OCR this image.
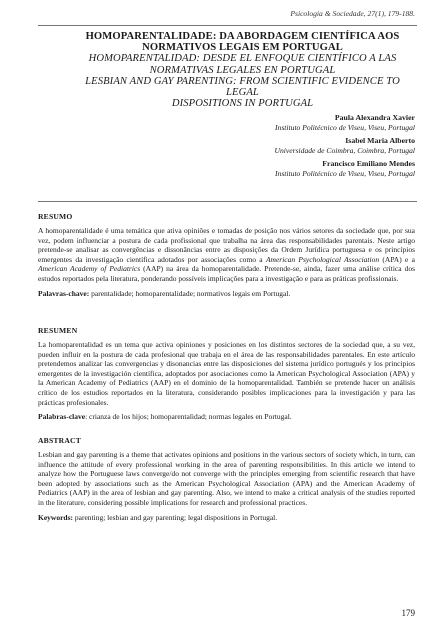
Psicologia & Sociedade, 27(1), 179-188.

HOMOPARENTALIDADE: DA ABORDAGEM CIENTÍFICA AOS
NORMATIVOS LEGAIS EM PORTUGAL

HOMOPARENTALIDAD: DESDE EL ENFOQUE CIENTÍFICO A LAS
NORMATIVAS LEGALES EN PORTUGAL

LESBIAN AND GAY PARENTING: FROM SCIENTIFIC EVIDENCE TO LEGAL
DISPOSITIONS IN PORTUGAL

Paula Alexandra Xavier
Instituto Politécnico de Viseu, Viseu, Portugal
Isabel Maria Alberto
Universidade de Coimbra, Coimbra, Portugal
Francisco Emiliano Mendes
Instituto Politécnico de Viseu, Viseu, Portugal
RESUMO

A homoparentalidade é uma temática que ativa opiniões e tomadas de posição nos vários setores da sociedade que, por sua vez, podem influenciar a postura de cada profissional que trabalha na área das responsabilidades parentais. Neste artigo pretende-se analisar as convergências e dissonâncias entre as disposições da Ordem Jurídica portuguesa e os princípios emergentes da investigação científica adotados por associações como a American Psychological Association (APA) e a American Academy of Pediatrics (AAP) na área da homoparentalidade. Pretende-se, ainda, fazer uma análise crítica dos estudos reportados pela literatura, ponderando possíveis implicações para a investigação e para as práticas profissionais.

Palavras-chave: parentalidade; homoparentalidade; normativos legais em Portugal.
RESUMEN

La homoparentalidad es un tema que activa opiniones y posiciones en los distintos sectores de la sociedad que, a su vez, pueden influir en la postura de cada profesional que trabaja en el área de las responsabilidades parentales. En este artículo pretendemos analizar las convergencias y disonancias entre las disposiciones del sistema jurídico portugués y los principios emergentes de la investigación científica, adoptados por asociaciones como la American Psychological Association (APA) y la American Academy of Pediatrics (AAP) en el dominio de la homoparentalidad. También se pretende hacer un análisis crítico de los estudios reportados en la literatura, considerando posibles implicaciones para la investigación y para las prácticas profesionales.

Palabras-clave: crianza de los hijos; homoparentalidad; normas legales en Portugal.
ABSTRACT

Lesbian and gay parenting is a theme that activates opinions and positions in the various sectors of society which, in turn, can influence the attitude of every professional working in the area of parenting responsibilities. In this article we intend to analyze how the Portuguese laws converge/do not converge with the principles emerging from scientific research that have been adopted by associations such as the American Psychological Association (APA) and the American Academy of Pediatrics (AAP) in the area of lesbian and gay parenting. Also, we intend to make a critical analysis of the studies reported in the literature, considering possible implications for research and professional practices.

Keywords: parenting; lesbian and gay parenting; legal dispositions in Portugal.
179
